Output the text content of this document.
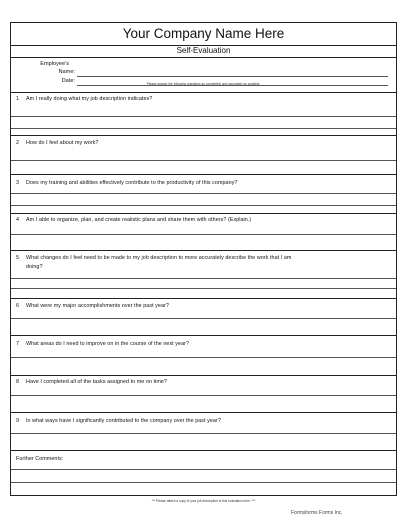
Your Company Name Here
Self-Evaluation
Employee's
Name:
Date:	Please answer the following questions as completely and accurately as possible.
1 Am I really doing what my job description indicates?
2 How do I feel about my work?
3 Does my training and abilities effectively contribute to the productivity of this company?
4 Am I able to organize, plan, and create realistic plans and share them with others? (Explain.)
5 What changes do I feel need to be made to my job description to more accurately describe the work that I am
doing?
6 What were my major accomplishments over the past year?
7 What areas do I need to improve on in the course of the next year?
8 Have I completed all of the tasks assigned to me on time?
9 In what ways have I significantly contributed to the company over the past year?
Further Comments:
*** Please attach a copy of your job description to this evaluation form. ***
Formsforms Forms Inc.
